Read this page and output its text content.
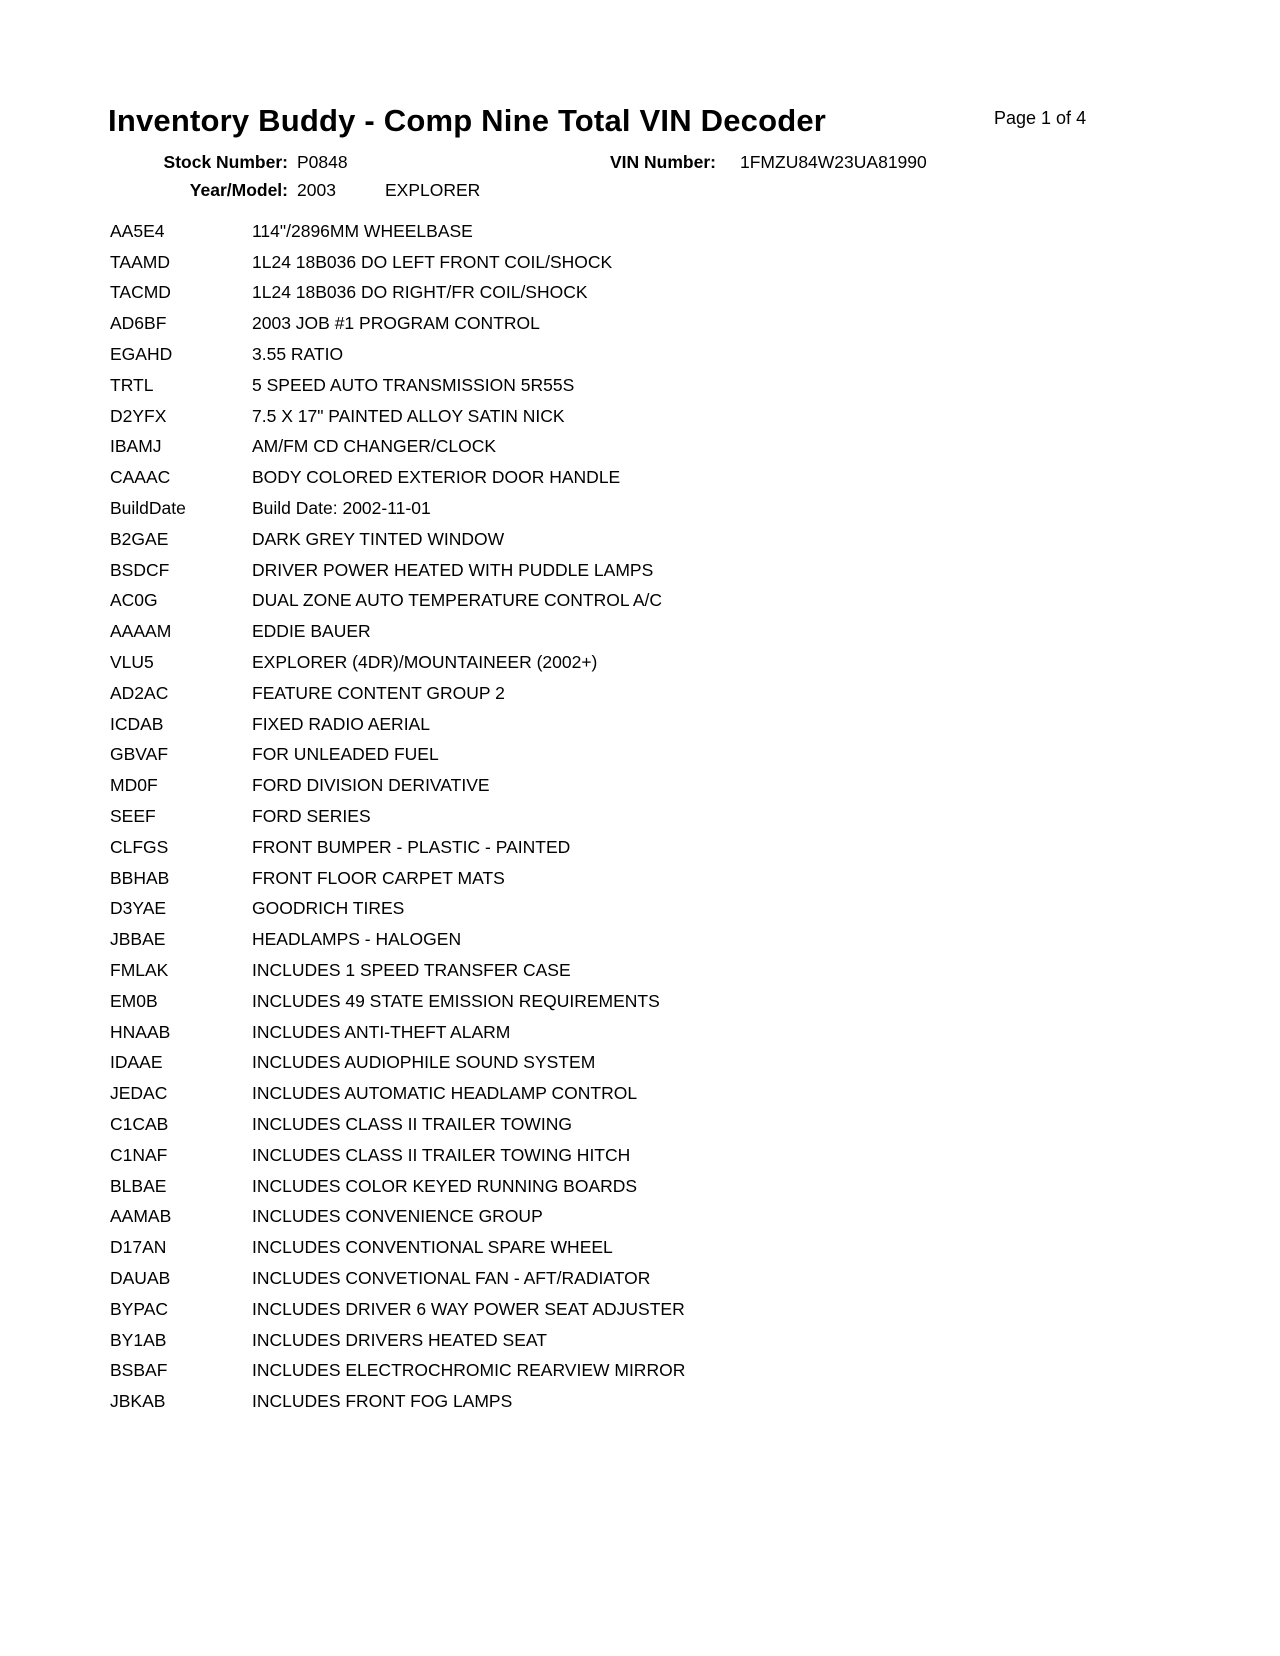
Inventory Buddy - Comp Nine Total VIN Decoder	Page 1 of 4
Stock Number: P0848	VIN Number: 1FMZU84W23UA81990
Year/Model: 2003	EXPLORER
AA5E4	114"/2896MM WHEELBASE
TAAMD	1L24 18B036 DO LEFT FRONT COIL/SHOCK
TACMD	1L24 18B036 DO RIGHT/FR COIL/SHOCK
AD6BF	2003 JOB #1 PROGRAM CONTROL
EGAHD	3.55 RATIO
TRTL	5 SPEED AUTO TRANSMISSION 5R55S
D2YFX	7.5 X 17" PAINTED ALLOY SATIN NICK
IBAMJ	AM/FM CD CHANGER/CLOCK
CAAAC	BODY COLORED EXTERIOR DOOR HANDLE
BuildDate	Build Date: 2002-11-01
B2GAE	DARK GREY TINTED WINDOW
BSDCF	DRIVER POWER HEATED WITH PUDDLE LAMPS
AC0G	DUAL ZONE AUTO TEMPERATURE CONTROL A/C
AAAAM	EDDIE BAUER
VLU5	EXPLORER (4DR)/MOUNTAINEER (2002+)
AD2AC	FEATURE CONTENT GROUP 2
ICDAB	FIXED RADIO AERIAL
GBVAF	FOR UNLEADED FUEL
MD0F	FORD DIVISION DERIVATIVE
SEEF	FORD SERIES
CLFGS	FRONT BUMPER - PLASTIC - PAINTED
BBHAB	FRONT FLOOR CARPET MATS
D3YAE	GOODRICH TIRES
JBBAE	HEADLAMPS - HALOGEN
FMLAK	INCLUDES 1 SPEED TRANSFER CASE
EM0B	INCLUDES 49 STATE EMISSION REQUIREMENTS
HNAAB	INCLUDES ANTI-THEFT ALARM
IDAAE	INCLUDES AUDIOPHILE SOUND SYSTEM
JEDAC	INCLUDES AUTOMATIC HEADLAMP CONTROL
C1CAB	INCLUDES CLASS II TRAILER TOWING
C1NAF	INCLUDES CLASS II TRAILER TOWING HITCH
BLBAE	INCLUDES COLOR KEYED RUNNING BOARDS
AAMAB	INCLUDES CONVENIENCE GROUP
D17AN	INCLUDES CONVENTIONAL SPARE WHEEL
DAUAB	INCLUDES CONVETIONAL FAN - AFT/RADIATOR
BYPAC	INCLUDES DRIVER 6 WAY POWER SEAT ADJUSTER
BY1AB	INCLUDES DRIVERS HEATED SEAT
BSBAF	INCLUDES ELECTROCHROMIC REARVIEW MIRROR
JBKAB	INCLUDES FRONT FOG LAMPS
